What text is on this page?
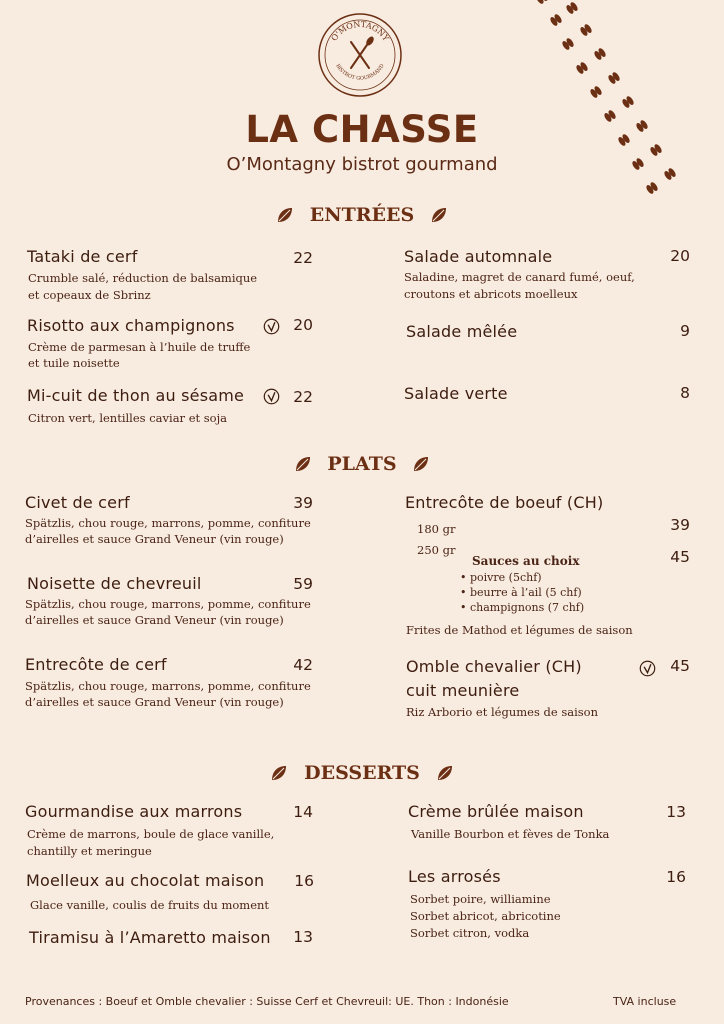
O'MONTAGNY
BISTROT GOURMAND
LA CHASSE
O’Montagny bistrot gourmand
ENTRÉES
PLATS
DESSERTS
Tataki de cerf	22
Crumble salé, réduction de balsamique
et copeaux de Sbrinz
Risotto aux champignons	20
Crème de parmesan à l’huile de truffe
et tuile noisette
Mi-cuit de thon au sésame	22
Citron vert, lentilles caviar et soja
Salade automnale	20
Saladine, magret de canard fumé, oeuf,
croutons et abricots moelleux
Salade mêlée	9
Salade verte	8
Civet de cerf	39
Spätzlis, chou rouge, marrons, pomme, confiture
d’airelles et sauce Grand Veneur (vin rouge)
Noisette de chevreuil	59
Spätzlis, chou rouge, marrons, pomme, confiture
d’airelles et sauce Grand Veneur (vin rouge)
Entrecôte de cerf	42
Spätzlis, chou rouge, marrons, pomme, confiture
d’airelles et sauce Grand Veneur (vin rouge)
Entrecôte de boeuf (CH)
180 gr	39
250 gr	45
Sauces au choix
• poivre (5chf)
• beurre à l’ail (5 chf)
• champignons (7 chf)
Frites de Mathod et légumes de saison
Omble chevalier (CH)	45
cuit meunière
Riz Arborio et légumes de saison
Gourmandise aux marrons	14
Crème de marrons, boule de glace vanille,
chantilly et meringue
Moelleux au chocolat maison	16
Glace vanille, coulis de fruits du moment
Tiramisu à l’Amaretto maison	13
Crème brûlée maison	13
Vanille Bourbon et fèves de Tonka
Les arrosés	16
Sorbet poire, williamine
Sorbet abricot, abricotine
Sorbet citron, vodka
Provenances : Boeuf et Omble chevalier : Suisse Cerf et Chevreuil: UE. Thon : Indonésie	TVA incluse
